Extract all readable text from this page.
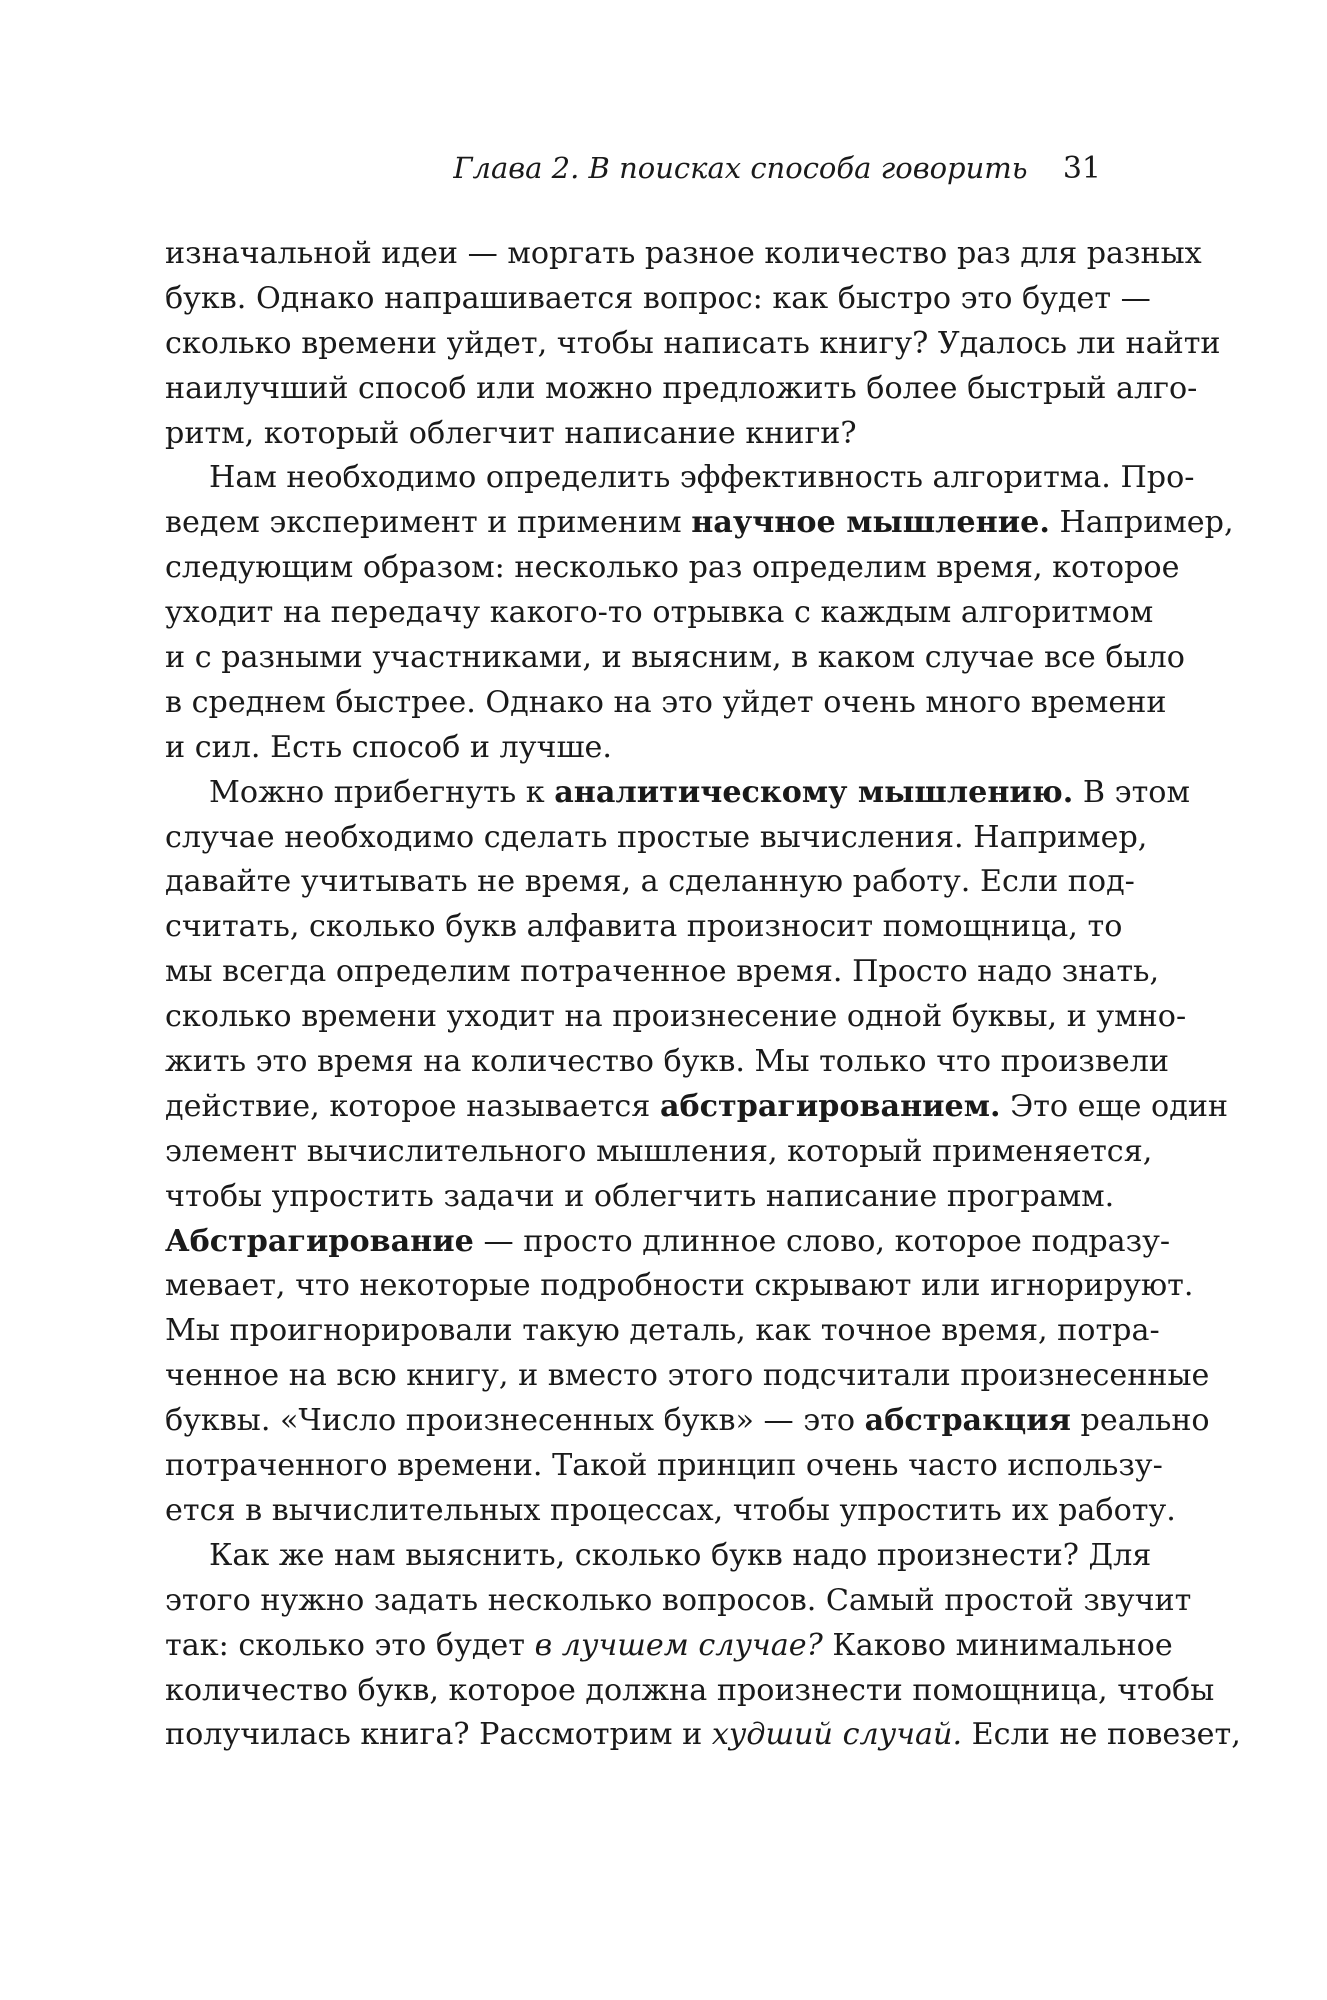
Глава 2. В поисках способа говорить 31
изначальной идеи — моргать разное количество раз для разных
букв. Однако напрашивается вопрос: как быстро это будет —
сколько времени уйдет, чтобы написать книгу? Удалось ли найти
наилучший способ или можно предложить более быстрый алго-
ритм, который облегчит написание книги?
Нам необходимо определить эффективность алгоритма. Про-
ведем эксперимент и применим научное мышление. Например,
следующим образом: несколько раз определим время, которое
уходит на передачу какого-то отрывка с каждым алгоритмом
и с разными участниками, и выясним, в каком случае все было
в среднем быстрее. Однако на это уйдет очень много времени
и сил. Есть способ и лучше.
Можно прибегнуть к аналитическому мышлению. В этом
случае необходимо сделать простые вычисления. Например,
давайте учитывать не время, а сделанную работу. Если под-
считать, сколько букв алфавита произносит помощница, то
мы всегда определим потраченное время. Просто надо знать,
сколько времени уходит на произнесение одной буквы, и умно-
жить это время на количество букв. Мы только что произвели
действие, которое называется абстрагированием. Это еще один
элемент вычислительного мышления, который применяется,
чтобы упростить задачи и облегчить написание программ.
Абстрагирование — просто длинное слово, которое подразу-
мевает, что некоторые подробности скрывают или игнорируют.
Мы проигнорировали такую деталь, как точное время, потра-
ченное на всю книгу, и вместо этого подсчитали произнесенные
буквы. «Число произнесенных букв» — это абстракция реально
потраченного времени. Такой принцип очень часто использу-
ется в вычислительных процессах, чтобы упростить их работу.
Как же нам выяснить, сколько букв надо произнести? Для
этого нужно задать несколько вопросов. Самый простой звучит
так: сколько это будет в лучшем случае? Каково минимальное
количество букв, которое должна произнести помощница, чтобы
получилась книга? Рассмотрим и худший случай. Если не повезет,
